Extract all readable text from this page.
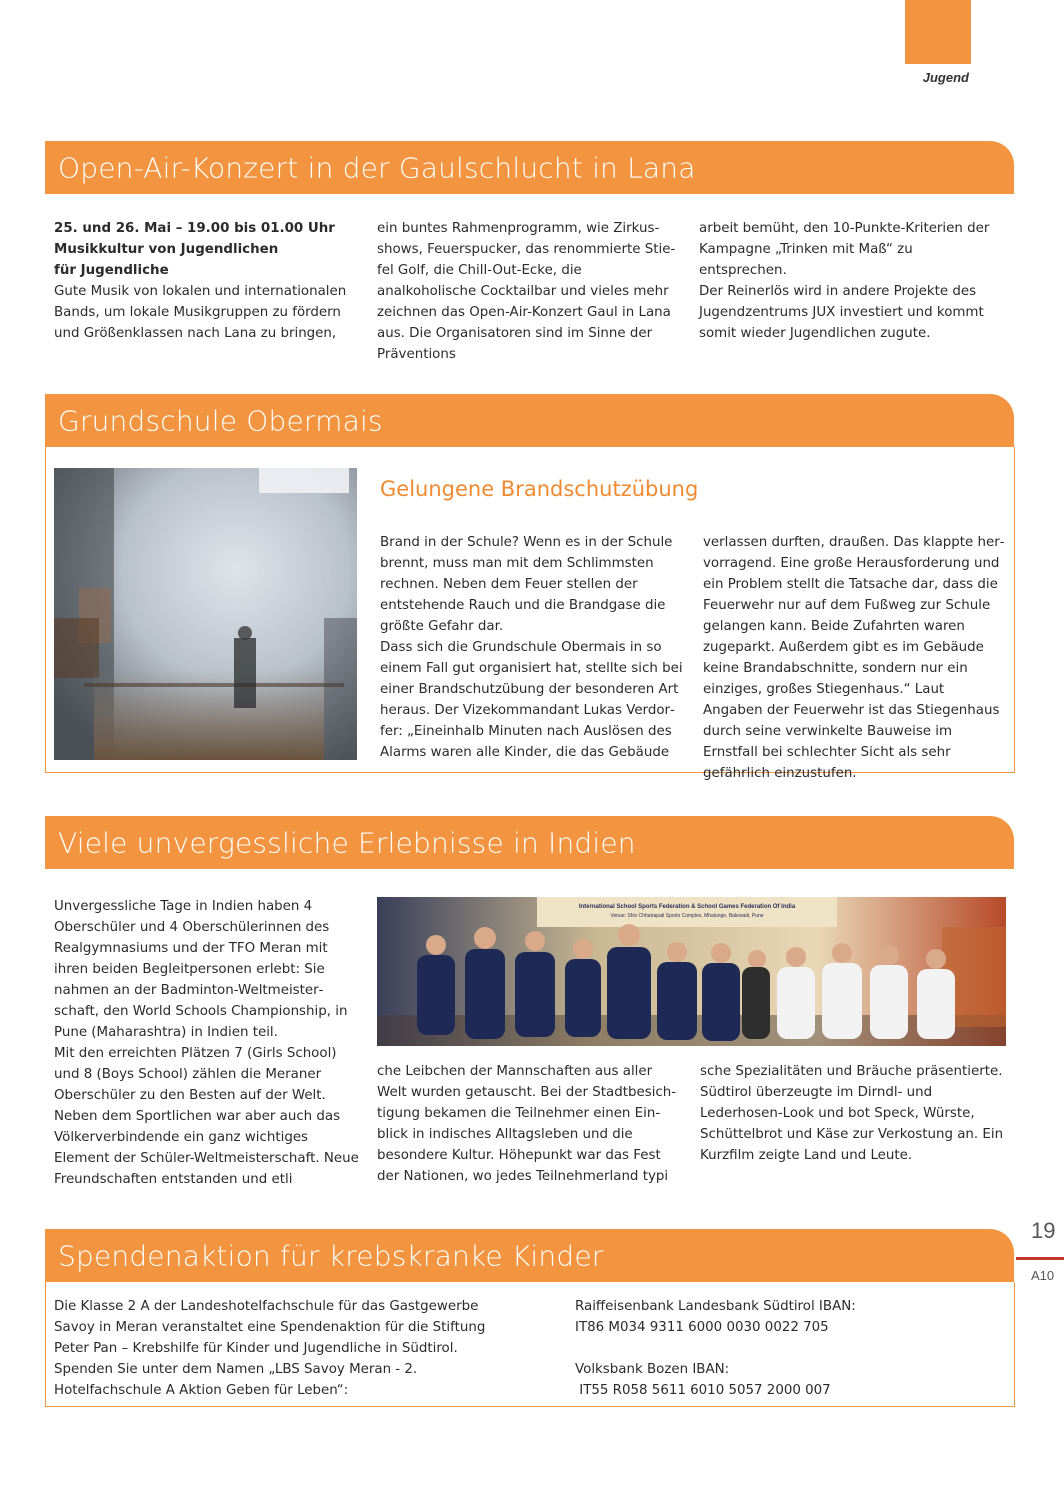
Jugend
Open-Air-Konzert in der Gaulschlucht in Lana

25. und 26. Mai – 19.00 bis 01.00 Uhr

Musikkultur von Jugendlichen

für Jugendliche

Gute Musik von lokalen und internationalen Bands, um lokale Musikgruppen zu fördern und Größenklassen nach Lana zu bringen,

ein buntes Rahmenprogramm, wie Zirkusshows, Feuerspucker, das renommierte Stiefel Golf, die Chill-Out-Ecke, die analkoholische Cocktailbar und vieles mehr zeichnen das Open-Air-Konzert Gaul in Lana aus. Die Organisatoren sind im Sinne der Präventions

arbeit bemüht, den 10-Punkte-Kriterien der Kampagne „Trinken mit Maß“ zu entsprechen.

Der Reinerlös wird in andere Projekte des Jugendzentrums JUX investiert und kommt somit wieder Jugendlichen zugute.

Grundschule Obermais
Gelungene Brandschutzübung

Brand in der Schule? Wenn es in der Schule brennt, muss man mit dem Schlimmsten rechnen. Neben dem Feuer stellen der entstehende Rauch und die Brandgase die größte Gefahr dar.

Dass sich die Grundschule Obermais in so einem Fall gut organisiert hat, stellte sich bei einer Brandschutzübung der besonderen Art heraus. Der Vizekommandant Lukas Verdorfer: „Eineinhalb Minuten nach Auslösen des Alarms waren alle Kinder, die das Gebäude

verlassen durften, draußen. Das klappte hervorragend. Eine große Herausforderung und ein Problem stellt die Tatsache dar, dass die Feuerwehr nur auf dem Fußweg zur Schule gelangen kann. Beide Zufahrten waren zugeparkt. Außerdem gibt es im Gebäude keine Brandabschnitte, sondern nur ein einziges, großes Stiegenhaus.“ Laut Angaben der Feuerwehr ist das Stiegenhaus durch seine verwinkelte Bauweise im Ernstfall bei schlechter Sicht als sehr gefährlich einzustufen.

Viele unvergessliche Erlebnisse in Indien

Unvergessliche Tage in Indien haben 4 Oberschüler und 4 Oberschülerinnen des Realgymnasiums und der TFO Meran mit ihren beiden Begleitpersonen erlebt: Sie nahmen an der Badminton-Weltmeisterschaft, den World Schools Championship, in Pune (Maharashtra) in Indien teil.

Mit den erreichten Plätzen 7 (Girls School) und 8 (Boys School) zählen die Meraner Oberschüler zu den Besten auf der Welt. Neben dem Sportlichen war aber auch das Völkerverbindende ein ganz wichtiges Element der Schüler-Weltmeisterschaft. Neue Freundschaften entstanden und etli

International School Sports Federation & School Games Federation Of India
Venue: Shiv Chhatrapati Sports Complex, Mhalunge, Balewadi, Pune

che Leibchen der Mannschaften aus aller Welt wurden getauscht. Bei der Stadtbesichtigung bekamen die Teilnehmer einen Einblick in indisches Alltagsleben und die besondere Kultur. Höhepunkt war das Fest der Nationen, wo jedes Teilnehmerland typi

sche Spezialitäten und Bräuche präsentierte. Südtirol überzeugte im Dirndl- und Lederhosen-Look und bot Speck, Würste, Schüttelbrot und Käse zur Verkostung an. Ein Kurzfilm zeigte Land und Leute.

Spendenaktion für krebskranke Kinder

Die Klasse 2 A der Landeshotelfachschule für das Gastgewerbe Savoy in Meran veranstaltet eine Spendenaktion für die Stiftung Peter Pan – Krebshilfe für Kinder und Jugendliche in Südtirol. Spenden Sie unter dem Namen „LBS Savoy Meran - 2. Hotelfachschule A Aktion Geben für Leben“:

Raiffeisenbank Landesbank Südtirol IBAN:

IT86 M034 9311 6000 0030 0022 705

Volksbank Bozen IBAN:

IT55 R058 5611 6010 5057 2000 007

19
A10
